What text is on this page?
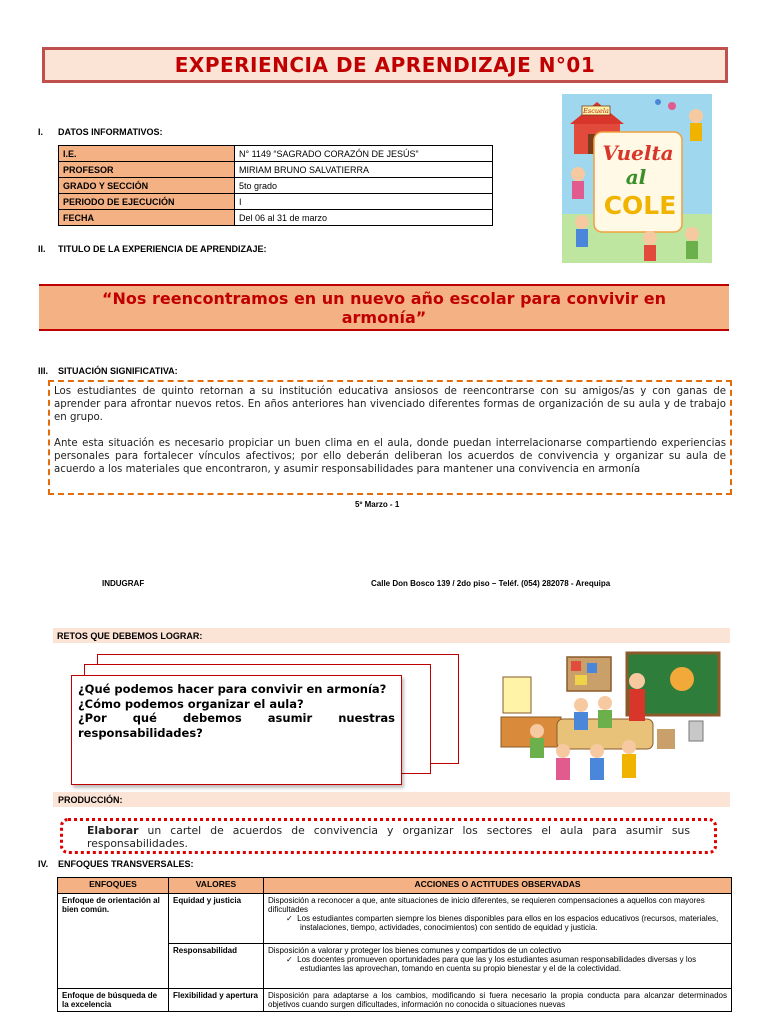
EXPERIENCIA DE APRENDIZAJE N°01
I. DATOS INFORMATIVOS:
I.E.	N° 1149 “SAGRADO CORAZÓN DE JESÚS”
PROFESOR	MIRIAM BRUNO SALVATIERRA
GRADO Y SECCIÓN	5to grado
PERIODO DE EJECUCIÓN	I
FECHA	Del 06 al 31 de marzo
Escuela
Vuelta
al
COLE
II. TITULO DE LA EXPERIENCIA DE APRENDIZAJE:
“Nos reencontramos en un nuevo año escolar para convivir en armonía”
III. SITUACIÓN SIGNIFICATIVA:

Los estudiantes de quinto retornan a su institución educativa ansiosos de reencontrarse con su amigos/as y con ganas de aprender para afrontar nuevos retos. En años anteriores han vivenciado diferentes formas de organización de su aula y de trabajo en grupo.

Ante esta situación es necesario propiciar un buen clima en el aula, donde puedan interrelacionarse compartiendo experiencias personales para fortalecer vínculos afectivos; por ello deberán deliberan los acuerdos de convivencia y organizar su aula de acuerdo a los materiales que encontraron, y asumir responsabilidades para mantener una convivencia en armonía

5º Marzo - 1
INDUGRAF	Calle Don Bosco 139 / 2do piso – Teléf. (054) 282078 - Arequipa
RETOS QUE DEBEMOS LOGRAR:
¿Qué podemos hacer para convivir en armonía?
¿Cómo podemos organizar el aula?
¿Por qué debemos asumir nuestras responsabilidades?
PRODUCCIÓN:
Elaborar un cartel de acuerdos de convivencia y organizar los sectores el aula para asumir sus responsabilidades.
IV. ENFOQUES TRANSVERSALES:
ENFOQUES	VALORES	ACCIONES O ACTITUDES OBSERVADAS
Enfoque de orientación al bien común.	Equidad y justicia	Disposición a reconocer a que, ante situaciones de inicio diferentes, se requieren compensaciones a aquellos con mayores dificultades
✓ Los estudiantes comparten siempre los bienes disponibles para ellos en los espacios educativos (recursos, materiales, instalaciones, tiempo, actividades, conocimientos) con sentido de equidad y justicia.

	Responsabilidad	Disposición a valorar y proteger los bienes comunes y compartidos de un colectivo
✓ Los docentes promueven oportunidades para que las y los estudiantes asuman responsabilidades diversas y los estudiantes las aprovechan, tomando en cuenta su propio bienestar y el de la colectividad.

Enfoque de búsqueda de la excelencia	Flexibilidad y apertura	Disposición para adaptarse a los cambios, modificando si fuera necesario la propia conducta para alcanzar determinados objetivos cuando surgen dificultades, información no conocida o situaciones nuevas
